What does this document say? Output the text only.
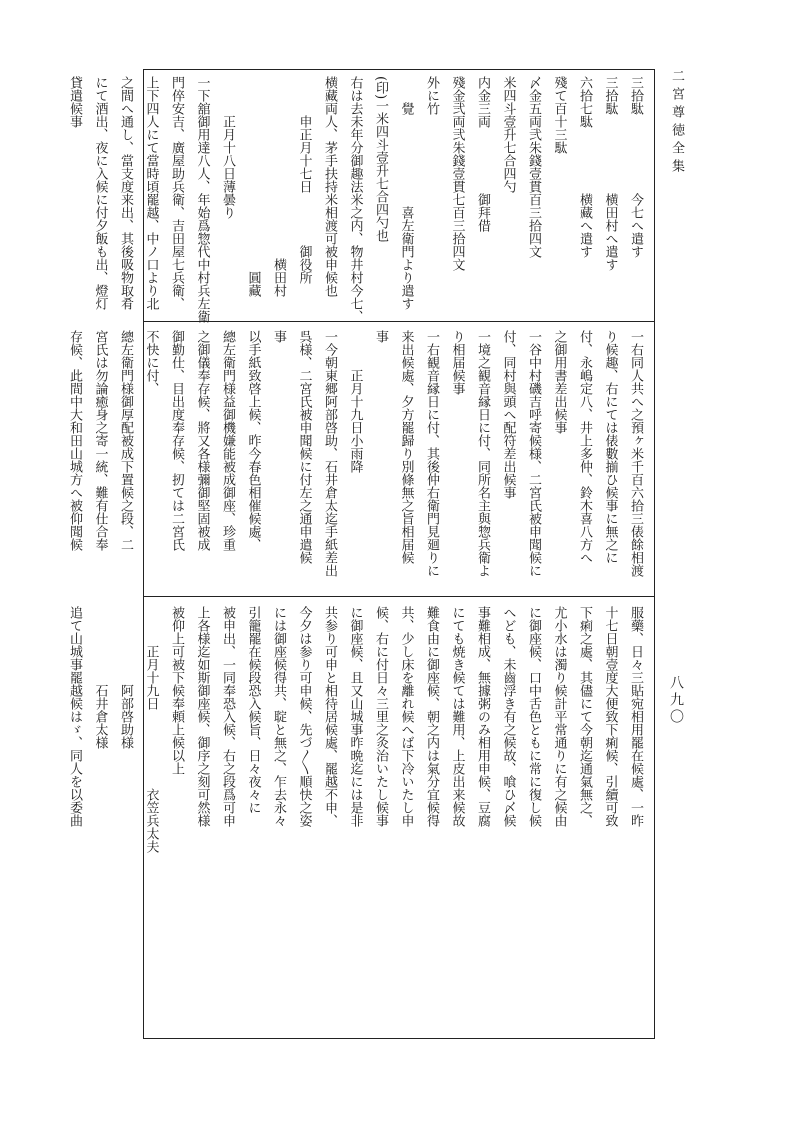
二宮尊徳全集
八九〇
三拾駄　　　　　　今七へ遣す
三拾駄　　　　　　横田村へ遣す
六拾七駄　　　　　横藏へ遣す
殘て百十三駄
〆金五両弐朱錢壹貫百三拾四文
米四斗壹升七合四勺
内金三両　　　　　御拜借
殘金弐両弐朱錢壹貫七百三拾四文
外に竹
　　覺　　　　　　　喜左衛門より遣す
(印)一米四斗壹升七合四勺也
右は去未年分御趣法米之内、物井村今七、
横藏両人、茅手扶持米相渡可被申候也
　　　申正月十七日　　　　御役所
　　　　　　　　　　　　　　横田村
　　　　　　　　　　　　　　　圓藏
　　　正月十八日薄曇り
一下舘御用達八人、年始爲惣代中村兵左衛
門倅安吉、廣屋助兵衛、吉田屋七兵衛、
上下四人にて當時頃罷越、中ノ口より北
之間へ通し、當支度来出、其後吸物取肴
にて酒出、夜に入候に付夕飯も出、燈灯
貸遣候事
一右同人共へ之預ヶ米千百六拾三俵餘相渡
り候趣、右にては俵數揃ひ候事に無之に
付、永嶋定八、井上多仲、鈴木喜八方へ
之御用書差出候事
一谷中村磯吉呼寄候様、二宮氏被申聞候に
付、同村與頭へ配符差出候事
一境之観音縁日に付、同所名主與惣兵衛よ
り相届候事
一右観音縁日に付、其後仲右衛門見廻りに
来出候處、夕方罷歸り別條無之旨相届候
事
　　　正月十九日小雨降
一今朝東郷阿部啓助、石井倉太迄手紙差出
呉様、二宮氏被申聞候に付左之通申遣候
事
以手紙致啓上候、昨今春色相催候處、
總左衛門様益御機嫌能被成御座、珍重
之御儀奉存候、將又各様彌御堅固被成
御勤仕、目出度奉存候、扨ては二宮氏
不快に付、
總左衛門様御厚配被成下置候之段、二
宮氏は勿論癒身之寄一統、難有仕合奉
存候、此間中大和田山城方へ被仰聞候
服藥、日々三貼宛相用罷在候處、一昨
十七日朝壹度大便致下痢候、引續可致
下痢之處、其儘にて今朝迄通氣無之、
尤小水は濁り候計平常通りに有之候由
に御座候、口中舌色ともに常に復し候
へども、未齒浮き有之候故、喰ひ〆候
事難相成、無據粥のみ相用申候、豆腐
にても焼き候ては難用、上皮出来候故
難食由に御座候、朝之内は氣分宜候得
共、少し床を離れ候へば下冷いたし申
候、右に付日々三里之灸治いたし候事
に御座候、且又山城事昨晩迄には是非
共参り可申と相待居候處、罷越不申、
今夕は参り可申候、先づ〳〵順快之姿
には御座候得共、聢と無之、乍去永々
引籠罷在候段恐入候旨、日々夜々に
被申出、一同奉恐入候、右之段爲可申
上各様迄如斯御座候、御序之刻可然様
被仰上可被下候奉頼上候以上
　　　正月十九日　　　　　　衣笠兵太夫
　　　　　　阿部啓助様
　　　　　　石井倉太様
追て山城事罷越候はゞ、同人を以委曲
